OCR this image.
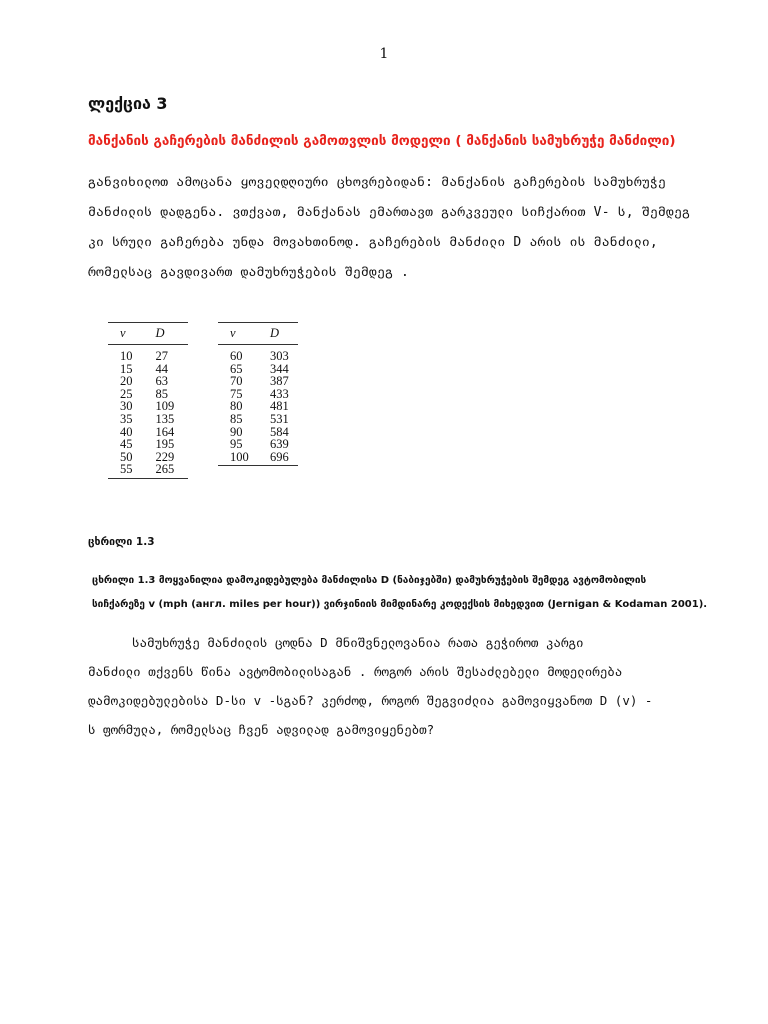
1
ლექცია 3
მანქანის გაჩერების მანძილის გამოთვლის მოდელი ( მანქანის სამუხრუჭე მანძილი)

განვიხილოთ ამოცანა ყოველდღიური ცხოვრებიდან: მანქანის გაჩერების სამუხრუჭე

მანძილის დადგენა. ვთქვათ, მანქანას ემართავთ გარკვეული სიჩქარით V- ს, შემდეგ

კი სრული გაჩერება უნდა მოვახთინოდ. გაჩერების მანძილი D არის ის მანძილი,

რომელსაც გავდივართ დამუხრუჭების შემდეგ .

v	D
10	27
15	44
20	63
25	85
30	109
35	135
40	164
45	195
50	229
55	265
v	D
60	303
65	344
70	387
75	433
80	481
85	531
90	584
95	639
100	696
ცხრილი 1.3

ცხრილი 1.3 მოყვანილია დამოკიდებულება მანძილისა D (ნაბიჯებში) დამუხრუჭების შემდეგ ავტომობილის

სიჩქარეზე v (mph (англ. miles per hour)) ვირჯინიის მიმდინარე კოდექსის მიხედვით (Jernigan & Kodaman 2001).

სამუხრუჭე მანძილის ცოდნა D მნიშვნელოვანია რათა გეჭიროთ კარგი

მანძილი თქვენს წინა ავტომობილისაგან . როგორ არის შესაძლებელი მოდელირება

დამოკიდებულებისა D-სი v -სგან? კერძოდ, როგორ შეგვიძლია გამოვიყვანოთ D (v) -

ს ფორმულა, რომელსაც ჩვენ ადვილად გამოვიყენებთ?
